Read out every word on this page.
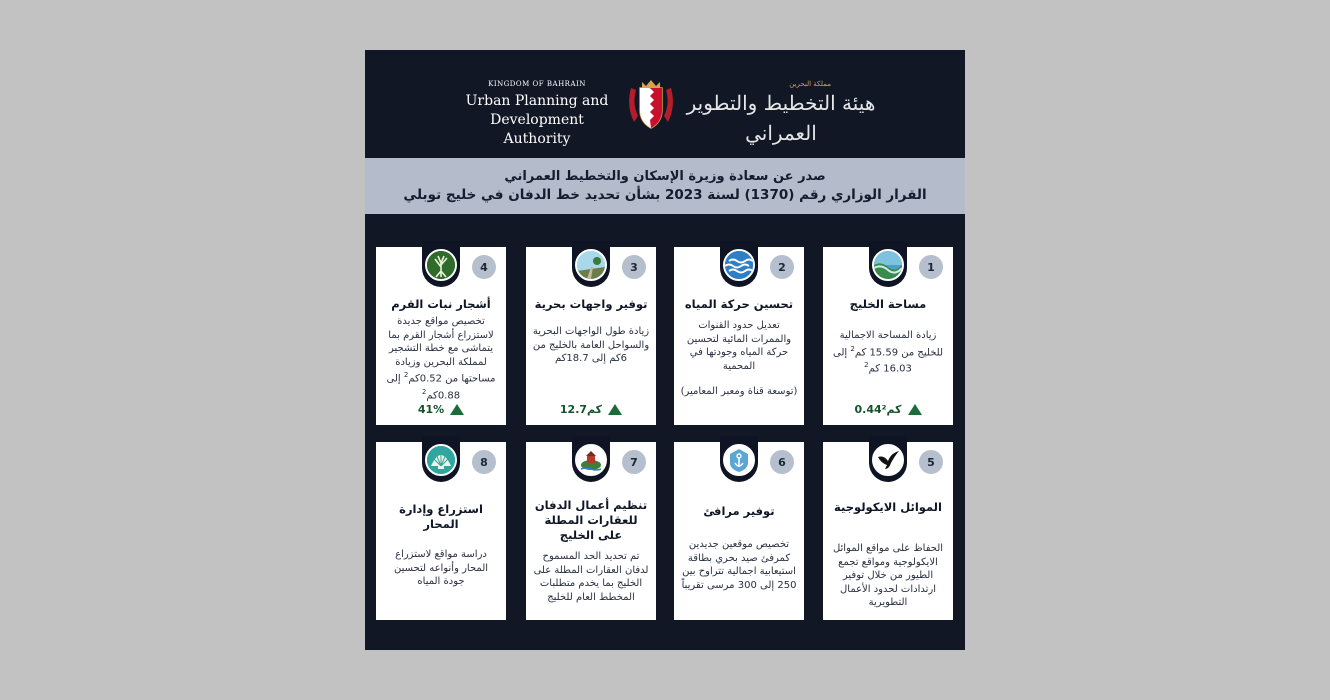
KINGDOM OF BAHRAIN
Urban Planning and
Development Authority
مملكة البحرين
هيئة التخطيط والتطوير العمراني
صدر عن سعادة وزيرة الإسكان والتخطيط العمراني
القرار الوزاري رقم (1370) لسنة 2023 بشأن تحديد خط الدفان في خليج توبلي
1
مساحة الخليج
زيادة المساحة الاجمالية للخليج من 15.59 كم$^2$ إلى 16.03 كم$^2$
0.44كم²
2
تحسين حركة المياه
تعديل حدود القنوات والممرات المائية لتحسين حركة المياه وجودتها في المحمية
(توسعة قناة ومعبر المعامير)
3
توفير واجهات بحرية
زيادة طول الواجهات البحرية والسواحل العامة بالخليج من 6كم إلى 18.7كم
12.7كم
4
أشجار نبات القرم
تخصيص مواقع جديدة لاستزراع أشجار القرم بما يتماشى مع خطة التشجير لمملكة البحرين وزيادة مساحتها من 0.52كم$^2$ إلى 0.88كم$^2$
41%
5
الموائل الايكولوجية
الحفاظ على مواقع الموائل الايكولوجية ومواقع تجمع الطيور من خلال توفير ارتدادات لحدود الأعمال التطويرية
6
توفير مرافئ
تخصيص موقعين جديدين كمرفئ صيد بحري بطاقة استيعابية اجمالية تتراوح بين 250 إلى 300 مرسى تقريباً
7
تنظيم أعمال الدفان للعقارات المطلة على الخليج
تم تحديد الحد المسموح لدفان العقارات المطلة على الخليج بما يخدم متطلبات المخطط العام للخليج
8
استزراع وإدارة المحار
دراسة مواقع لاستزراع المحار وأنواعه لتحسين جودة المياه
